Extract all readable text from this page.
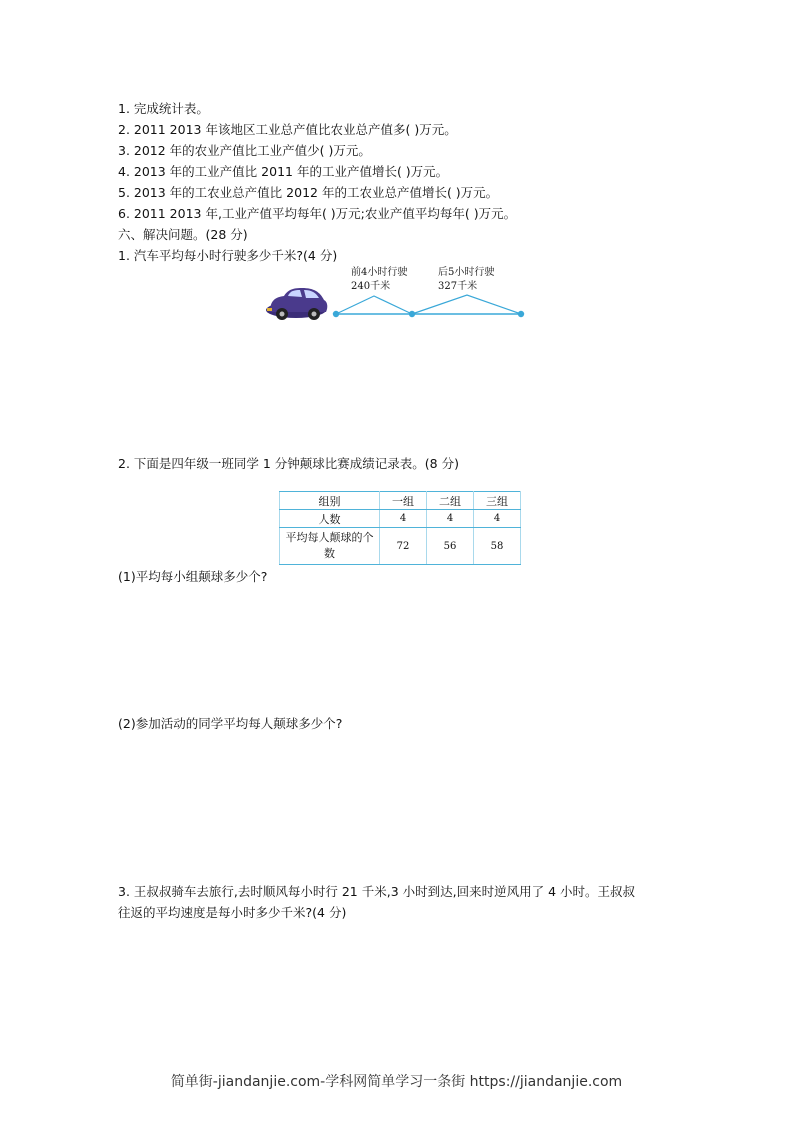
1. 完成统计表。
2. 2011 2013 年该地区工业总产值比农业总产值多( )万元。
3. 2012 年的农业产值比工业产值少( )万元。
4. 2013 年的工业产值比 2011 年的工业产值增长( )万元。
5. 2013 年的工农业总产值比 2012 年的工农业总产值增长( )万元。
6. 2011 2013 年,工业产值平均每年( )万元;农业产值平均每年( )万元。
六、解决问题。(28 分)
1. 汽车平均每小时行驶多少千米?(4 分)
前4小时行驶
240千米
后5小时行驶
327千米
2. 下面是四年级一班同学 1 分钟颠球比赛成绩记录表。(8 分)
组别	一组	二组	三组
人数	4	4	4
平均每人颠球的个数	72	56	58
(1)平均每小组颠球多少个?
(2)参加活动的同学平均每人颠球多少个?
3. 王叔叔骑车去旅行,去时顺风每小时行 21 千米,3 小时到达,回来时逆风用了 4 小时。王叔叔
往返的平均速度是每小时多少千米?(4 分)
简单街-jiandanjie.com-学科网简单学习一条街 https://jiandanjie.com
